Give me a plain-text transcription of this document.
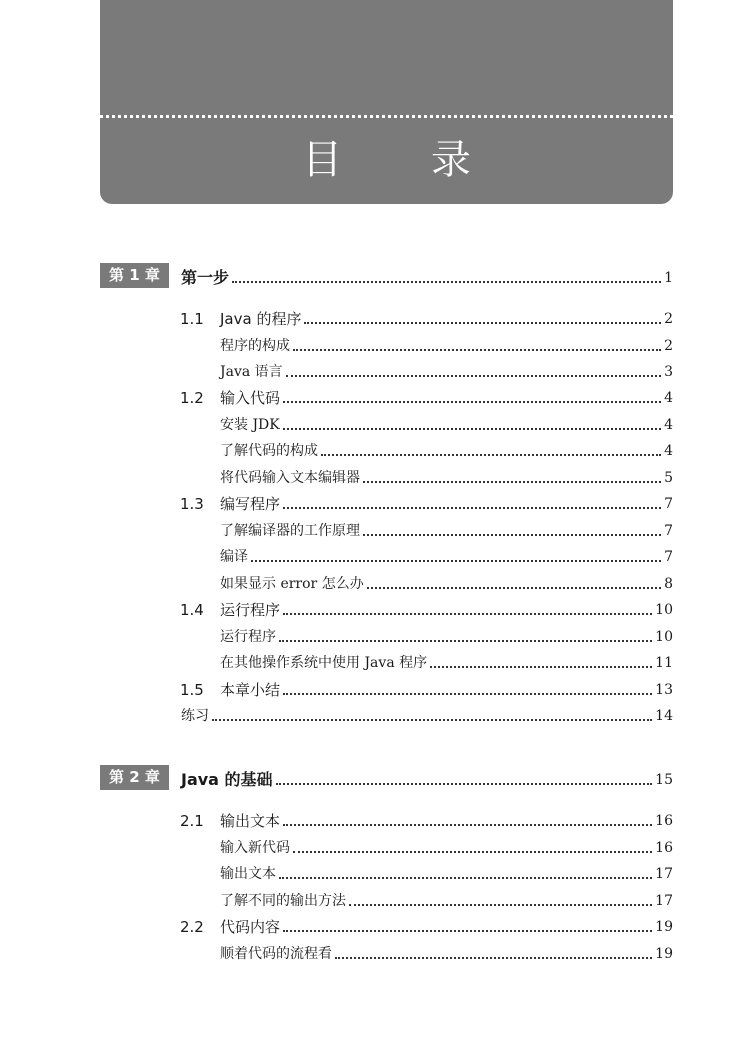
目 录
第 1 章	第一步	1
1.1	Java 的程序	2
程序的构成	2
Java 语言	3
1.2	输入代码	4
安装 JDK	4
了解代码的构成	4
将代码输入文本编辑器	5
1.3	编写程序	7
了解编译器的工作原理	7
编译	7
如果显示 error 怎么办	8
1.4	运行程序	10
运行程序	10
在其他操作系统中使用 Java 程序	11
1.5	本章小结	13
练习	14
第 2 章	Java 的基础	15
2.1	输出文本	16
输入新代码	16
输出文本	17
了解不同的输出方法	17
2.2	代码内容	19
顺着代码的流程看	19
